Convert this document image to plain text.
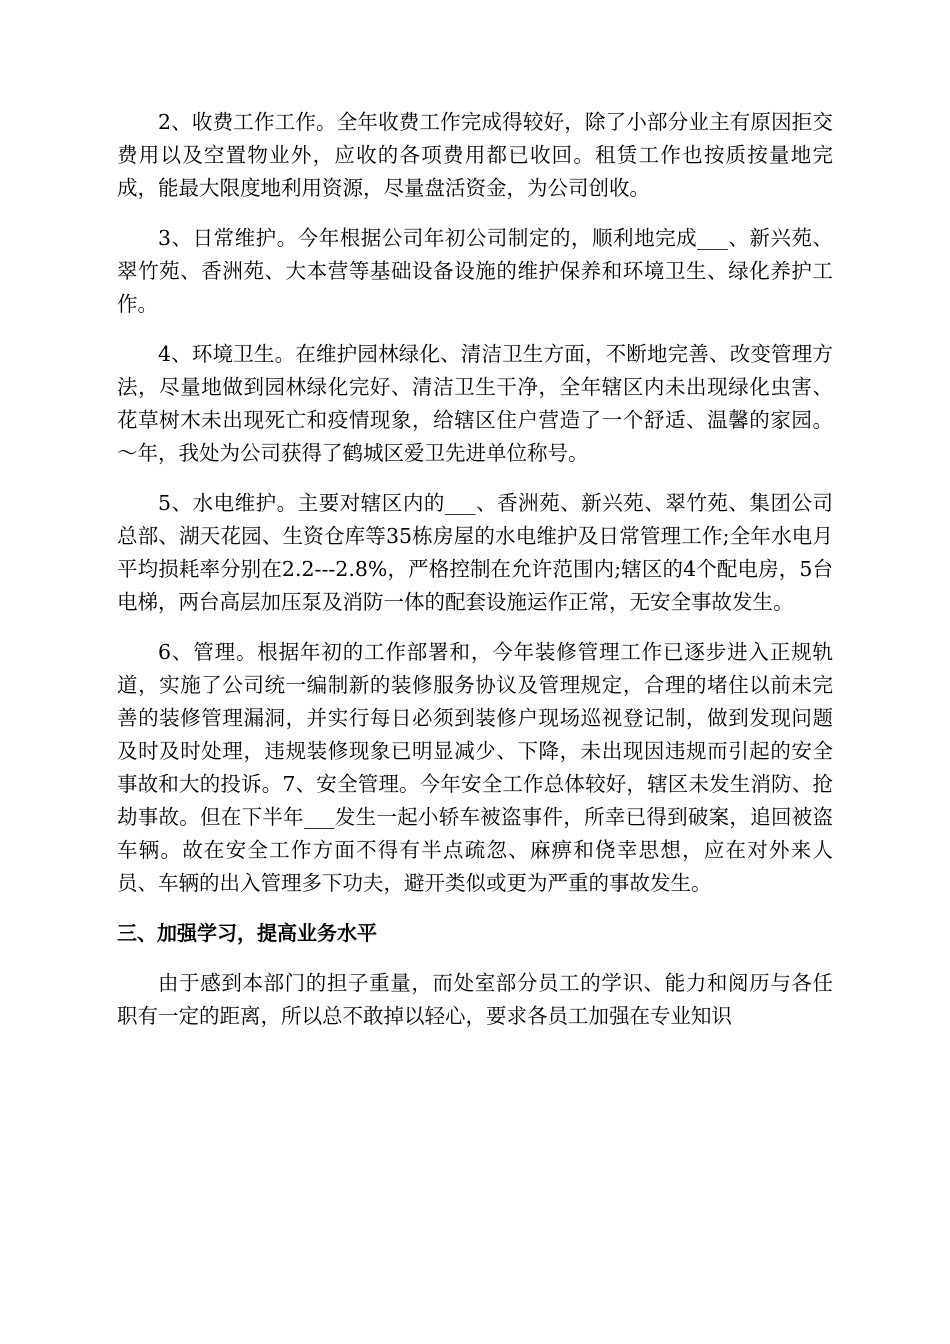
2、收费工作工作。全年收费工作完成得较好，除了小部分业主有原因拒交费用以及空置物业外，应收的各项费用都已收回。租赁工作也按质按量地完成，能最大限度地利用资源，尽量盘活资金，为公司创收。

3、日常维护。今年根据公司年初公司制定的，顺利地完成___、新兴苑、翠竹苑、香洲苑、大本营等基础设备设施的维护保养和环境卫生、绿化养护工作。

4、环境卫生。在维护园林绿化、清洁卫生方面，不断地完善、改变管理方法，尽量地做到园林绿化完好、清洁卫生干净，全年辖区内未出现绿化虫害、花草树木未出现死亡和疫情现象，给辖区住户营造了一个舒适、温馨的家园。～年，我处为公司获得了鹤城区爱卫先进单位称号。

5、水电维护。主要对辖区内的___、香洲苑、新兴苑、翠竹苑、集团公司总部、湖天花园、生资仓库等35栋房屋的水电维护及日常管理工作;全年水电月平均损耗率分别在2.2---2.8%，严格控制在允许范围内;辖区的4个配电房，5台电梯，两台高层加压泵及消防一体的配套设施运作正常，无安全事故发生。

6、管理。根据年初的工作部署和，今年装修管理工作已逐步进入正规轨道，实施了公司统一编制新的装修服务协议及管理规定，合理的堵住以前未完善的装修管理漏洞，并实行每日必须到装修户现场巡视登记制，做到发现问题及时及时处理，违规装修现象已明显减少、下降，未出现因违规而引起的安全事故和大的投诉。7、安全管理。今年安全工作总体较好，辖区未发生消防、抢劫事故。但在下半年___发生一起小轿车被盗事件，所幸已得到破案，追回被盗车辆。故在安全工作方面不得有半点疏忽、麻痹和侥幸思想，应在对外来人员、车辆的出入管理多下功夫，避开类似或更为严重的事故发生。

三、加强学习，提高业务水平

由于感到本部门的担子重量，而处室部分员工的学识、能力和阅历与各任职有一定的距离，所以总不敢掉以轻心，要求各员工加强在专业知识
